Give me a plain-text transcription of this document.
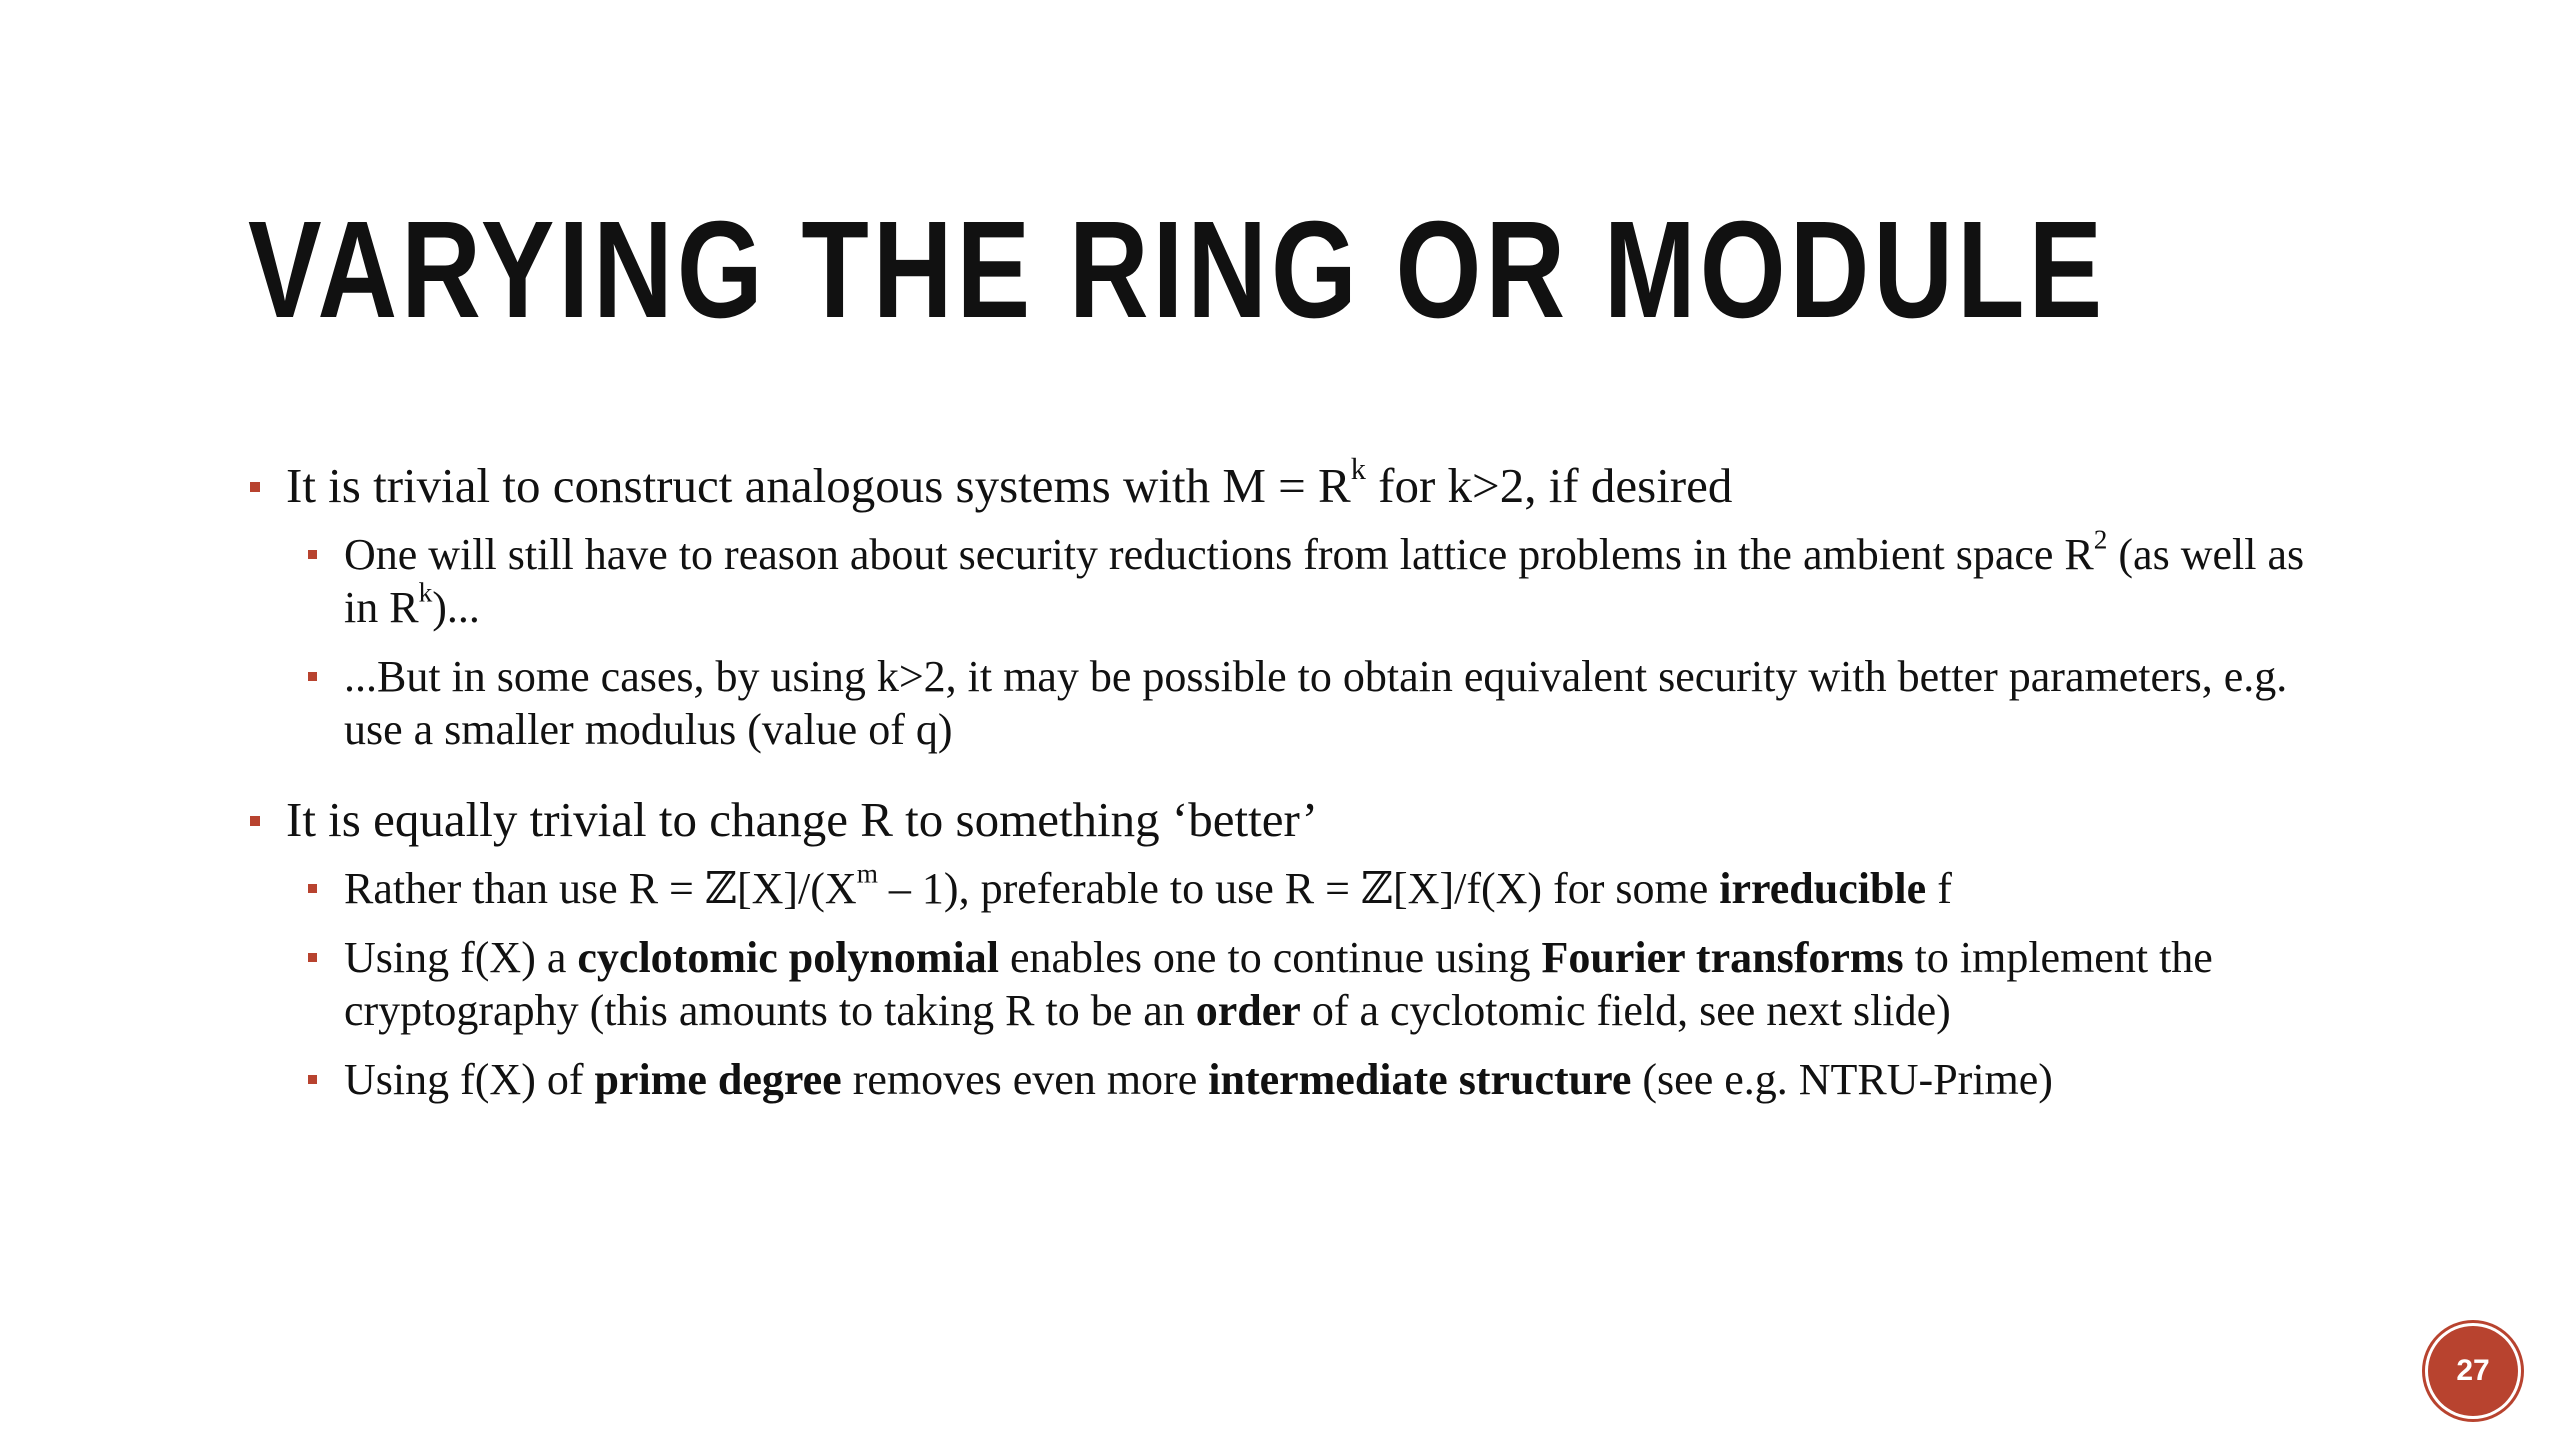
VARYING THE RING OR MODULE
It is trivial to construct analogous systems with $M = R^k$ for k>2, if desired
One will still have to reason about security reductions from lattice problems in the ambient space $R^2$ (as well as in $R^k$)...
...But in some cases, by using k>2, it may be possible to obtain equivalent security with better parameters, e.g. use a smaller modulus (value of q)
It is equally trivial to change R to something ‘better’
Rather than use $R = ℤ[X]/(X^m - 1)$, preferable to use R = ℤ[X]/f(X) for some irreducible f
Using f(X) a cyclotomic polynomial enables one to continue using Fourier transforms to implement the cryptography (this amounts to taking R to be an order of a cyclotomic field, see next slide)
Using f(X) of prime degree removes even more intermediate structure (see e.g. NTRU-Prime)
27
